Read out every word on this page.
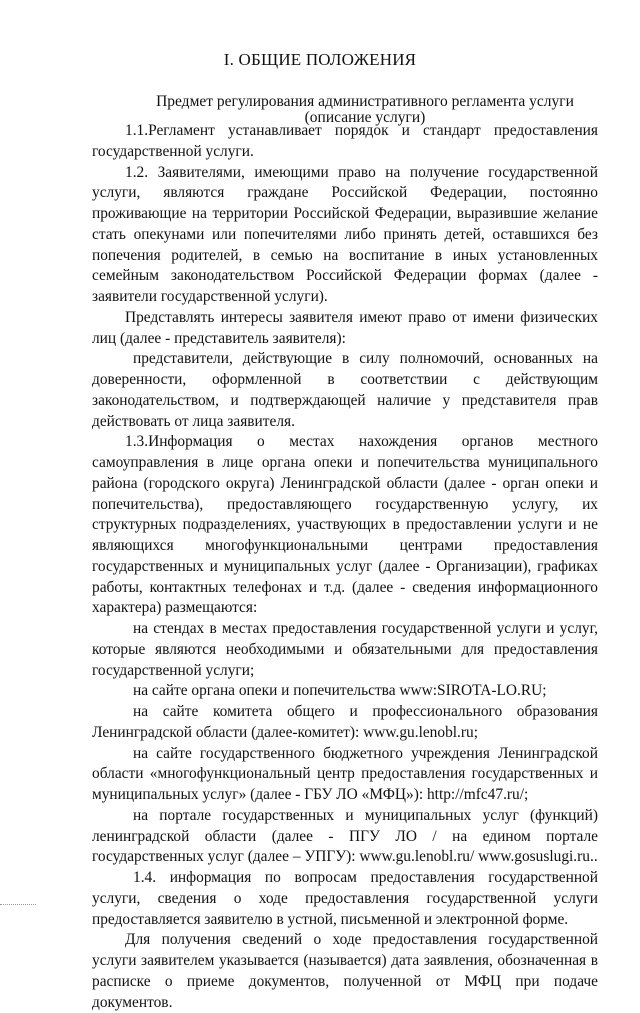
I. ОБЩИЕ ПОЛОЖЕНИЯ
Предмет регулирования административного регламента услуги
(описание услуги)

1.1.Регламент устанавливает порядок и стандарт предоставления государственной услуги.

1.2. Заявителями, имеющими право на получение государственной услуги, являются граждане Российской Федерации, постоянно проживающие на территории Российской Федерации, выразившие желание стать опекунами или попечителями либо принять детей, оставшихся без попечения родителей, в семью на воспитание в иных установленных семейным законодательством Российской Федерации формах (далее - заявители государственной услуги).

Представлять интересы заявителя имеют право от имени физических лиц (далее - представитель заявителя):

представители, действующие в силу полномочий, основанных на доверенности, оформленной в соответствии с действующим законодательством, и подтверждающей наличие у представителя прав действовать от лица заявителя.

1.3.Информация о местах нахождения органов местного самоуправления в лице органа опеки и попечительства муниципального района (городского округа) Ленинградской области (далее - орган опеки и попечительства), предоставляющего государственную услугу, их структурных подразделениях, участвующих в предоставлении услуги и не являющихся многофункциональными центрами предоставления государственных и муниципальных услуг (далее - Организации), графиках работы, контактных телефонах и т.д. (далее - сведения информационного характера) размещаются:

на стендах в местах предоставления государственной услуги и услуг, которые являются необходимыми и обязательными для предоставления государственной услуги;

на сайте органа опеки и попечительства www:SIROTA-LO.RU;

на сайте комитета общего и профессионального образования Ленинградской области (далее-комитет): www.gu.lenobl.ru;

на сайте государственного бюджетного учреждения Ленинградской области «многофункциональный центр предоставления государственных и муниципальных услуг» (далее - ГБУ ЛО «МФЦ»): http://mfc47.ru/;

на портале государственных и муниципальных услуг (функций) ленинградской области (далее - ПГУ ЛО / на едином портале государственных услуг (далее – УПГУ): www.gu.lenobl.ru/ www.gosuslugi.ru..

1.4. информация по вопросам предоставления государственной услуги, сведения о ходе предоставления государственной услуги предоставляется заявителю в устной, письменной и электронной форме.

Для получения сведений о ходе предоставления государственной услуги заявителем указывается (называется) дата заявления, обозначенная в расписке о приеме документов, полученной от МФЦ при подаче документов.
